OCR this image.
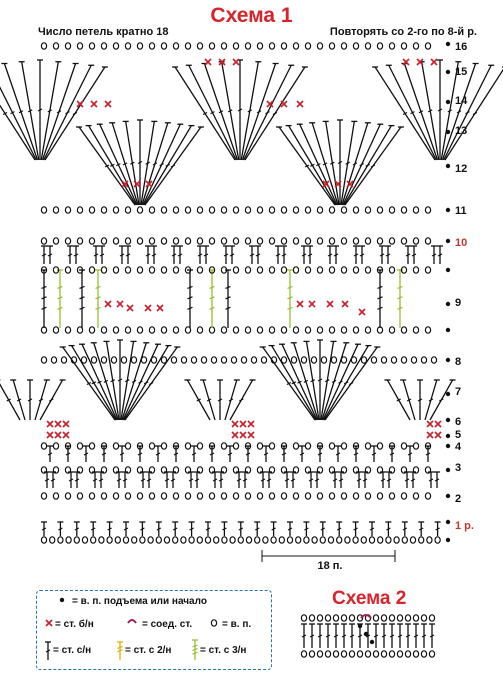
Схема 1
Число петель кратно 18	Повторять со 2-го по 8-й р.
1 р.
2
3
4
5
6
7
8
9
10
11
12
13
14
15
16
18 п.
= в. п. подъема или начало
= ст. б/н	= соед. ст.	= в. п.
= ст. с/н	= ст. с 2/н	= ст. с 3/н
Схема 2
